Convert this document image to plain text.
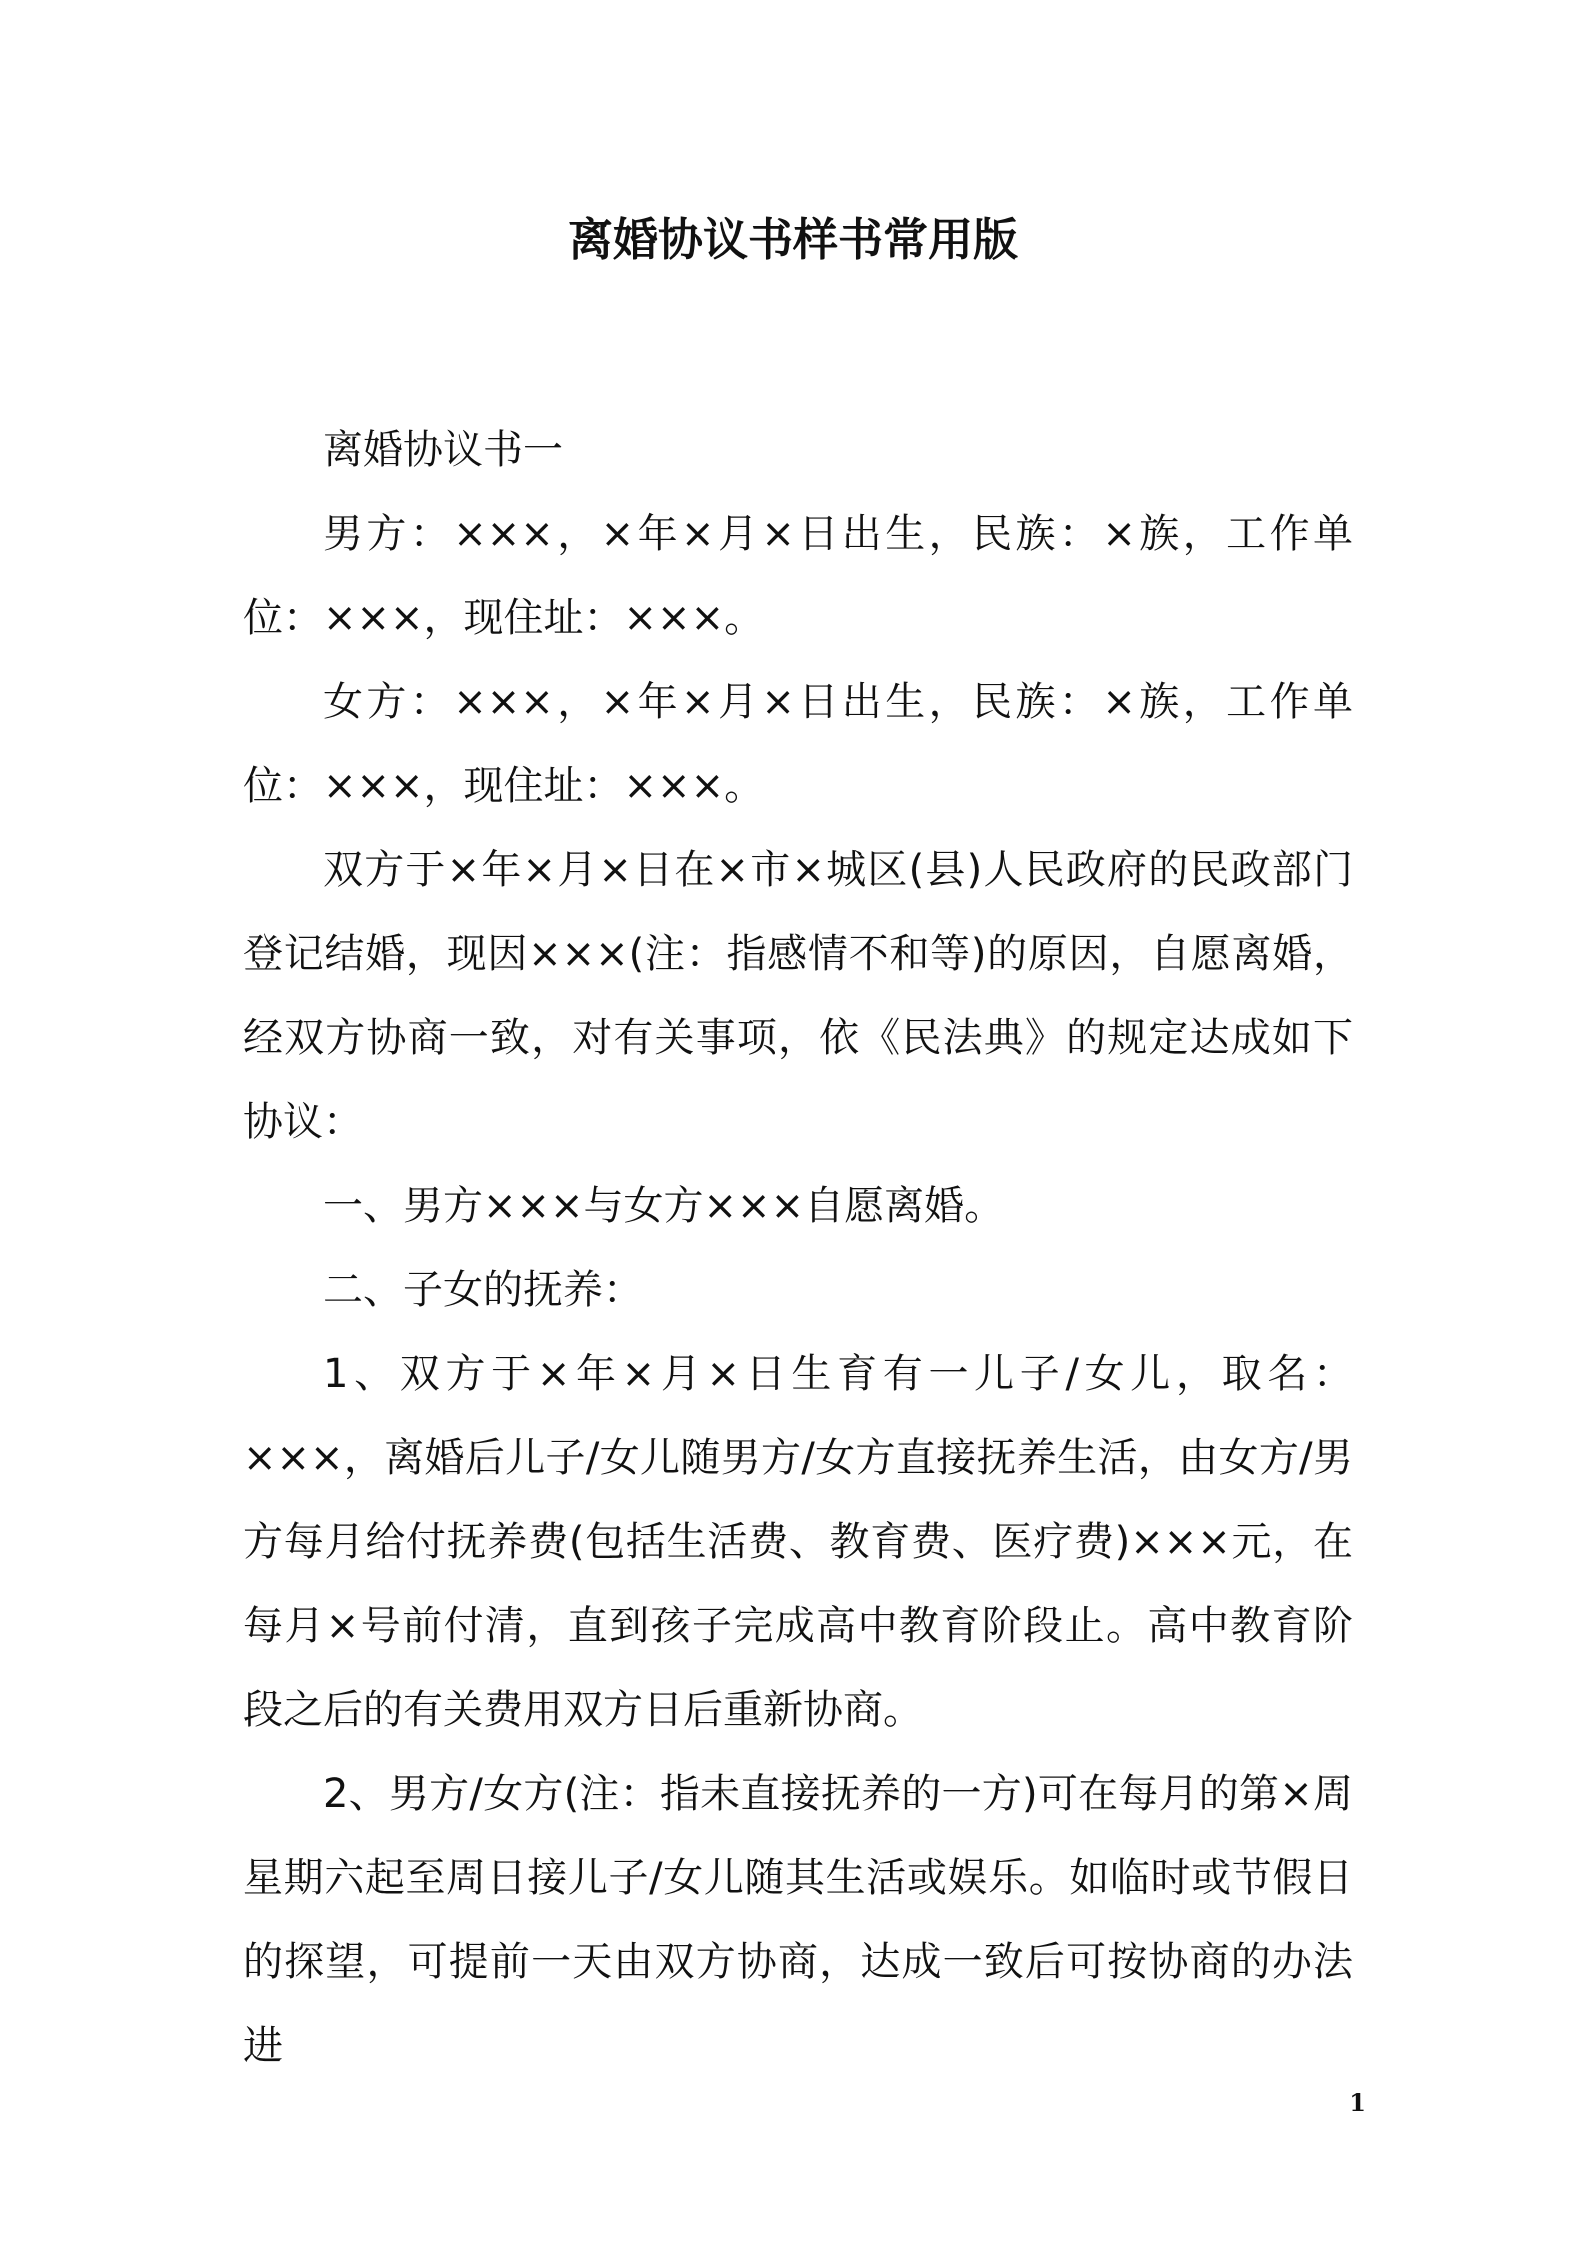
离婚协议书样书常用版

离婚协议书一

男方：×××，×年×月×日出生，民族：×族，工作单位：×××，现住址：×××。

女方：×××，×年×月×日出生，民族：×族，工作单位：×××，现住址：×××。

双方于×年×月×日在×市×城区(县)人民政府的民政部门登记结婚，现因×××(注：指感情不和等)的原因，自愿离婚，经双方协商一致，对有关事项，依《民法典》的规定达成如下协议：

一、男方×××与女方×××自愿离婚。

二、子女的抚养：

1、双方于×年×月×日生育有一儿子/女儿，取名：×××，离婚后儿子/女儿随男方/女方直接抚养生活，由女方/男方每月给付抚养费(包括生活费、教育费、医疗费)×××元，在每月×号前付清，直到孩子完成高中教育阶段止。高中教育阶段之后的有关费用双方日后重新协商。

2、男方/女方(注：指未直接抚养的一方)可在每月的第×周星期六起至周日接儿子/女儿随其生活或娱乐。如临时或节假日的探望，可提前一天由双方协商，达成一致后可按协商的办法进

1
